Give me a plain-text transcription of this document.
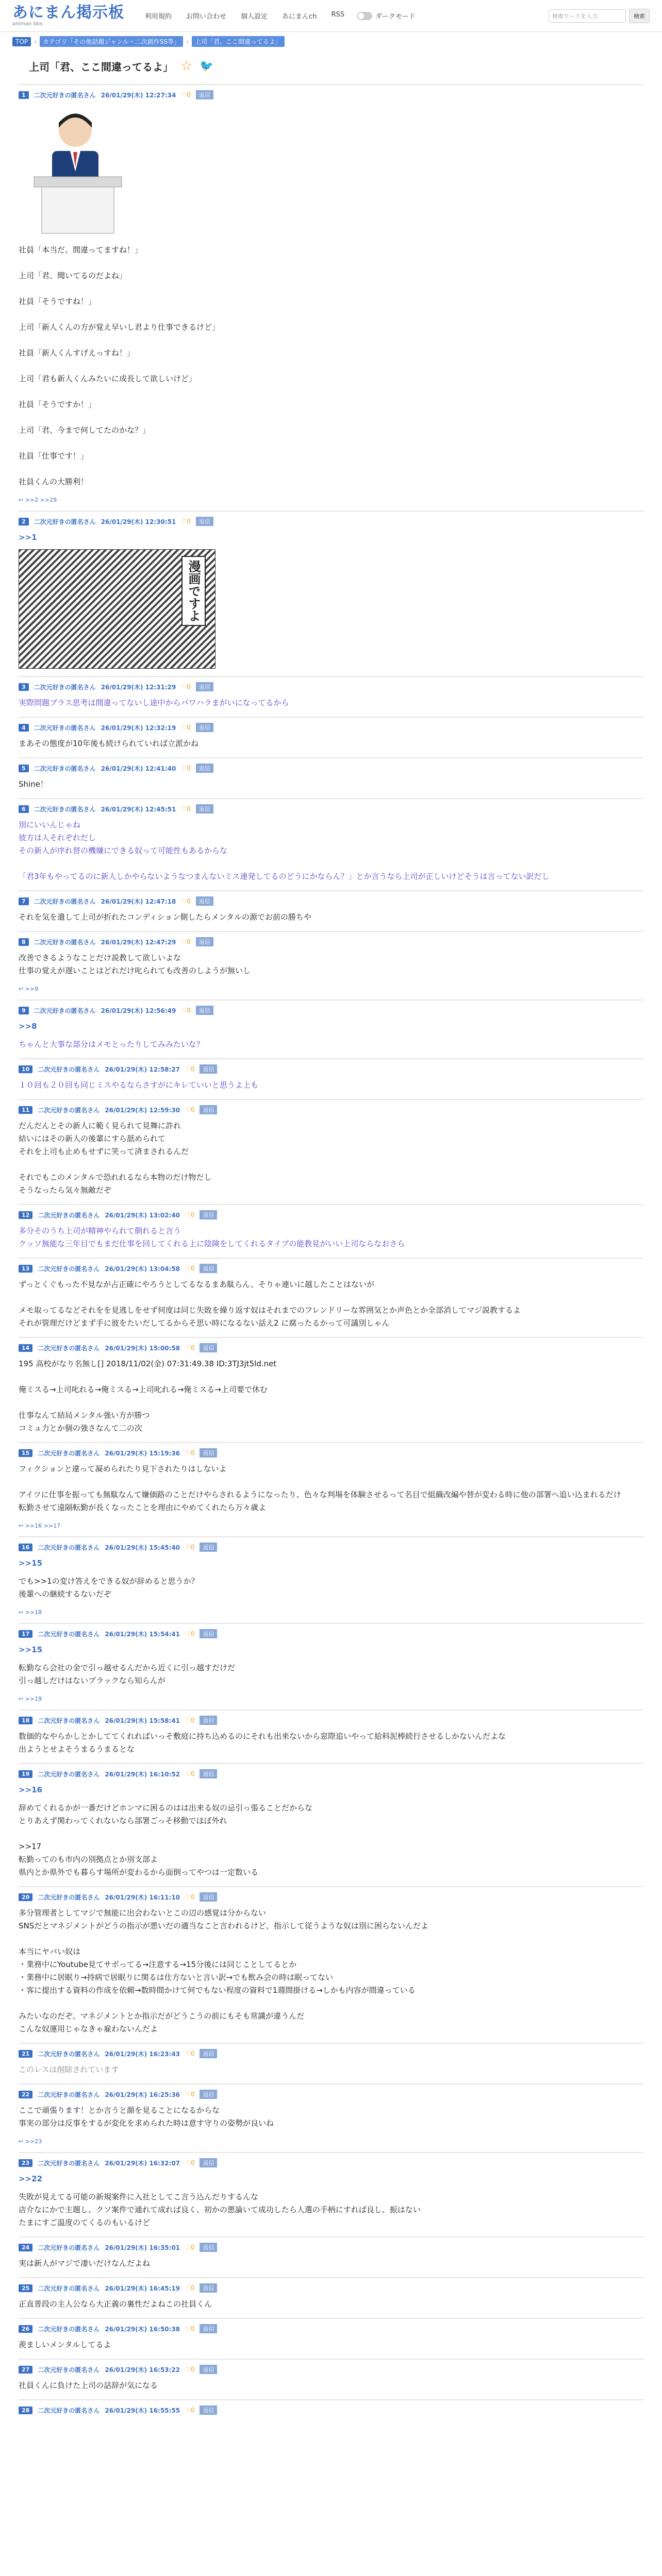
あにまん掲示板
animan bbs
利用規約 お問い合わせ 個人設定 あにまんch RSS	ダークモード	検索ワードを入力	検索
TOP	›	カテゴリ「その他話題ジャンル・二次創作SS等」	›	上司「君、ここ間違ってるよ」
上司「君、ここ間違ってるよ」 ☆ 🐦
1	二次元好きの匿名さん 26/01/29(木) 12:27:34 ♡0	返信
社員「本当だ、間違ってますね！」

上司「君、聞いてるのだよね」

社員「そうですね！」

上司「新人くんの方が覚え早いし君より仕事できるけど」

社員「新人くんすげえっすね！」

上司「君も新人くんみたいに成長して欲しいけど」

社員「そうですか！」

上司「君、今まで何してたのかな？」

社員「仕事です！」

社員くんの大勝利！
↩ >>2 >>29
2	二次元好きの匿名さん 26/01/29(木) 12:30:51 ♡0	返信
>>1
漫画ですよ
3	二次元好きの匿名さん 26/01/29(木) 12:31:29 ♡0	返信
実際問題プラス思考は間違ってないし途中からパワハラまがいになってるから
4	二次元好きの匿名さん 26/01/29(木) 12:32:19 ♡0	返信
まあその態度が10年後も続けられていれば立派かね
5	二次元好きの匿名さん 26/01/29(木) 12:41:40 ♡0	返信
Shine！
6	二次元好きの匿名さん 26/01/29(木) 12:45:51 ♡0	返信
別にいいんじゃね
彼方は人それぞれだし
その新人が序れ替の機嫌にできる奴って可能性もあるからな

「君3年もやってるのに新人しかやらないようなつまんないミス連発してるのどうにかならん？」とか言うなら上司が正しいけどそうは言ってない訳だし
7	二次元好きの匿名さん 26/01/29(木) 12:47:18 ♡0	返信
それを気を遣して上司が折れたコンディション側したらメンタルの源でお前の勝ちや
8	二次元好きの匿名さん 26/01/29(木) 12:47:29 ♡0	返信
改善できるようなことだけ説教して欲しいよな
仕事の覚えが遅いことはどれだけ叱られても改善のしようが無いし
↩ >>9
9	二次元好きの匿名さん 26/01/29(木) 12:56:49 ♡0	返信
>>8
ちゃんと大事な部分はメモとったりしてみみたいな？
10	二次元好きの匿名さん 26/01/29(木) 12:58:27 ♡0	返信
１０回も２０回も同じミスやるならさすがにキレていいと思うよ上も
11	二次元好きの匿名さん 26/01/29(木) 12:59:30 ♡0	返信
だんだんとその新人に範く見られて見舞に許れ
結いにはその新人の後輩にすら舐められて
それを上司も止めもせずに笑って済まされるんだ

それでもこのメンタルで恐れれるなら本物のだけ物だし
そうなったら気々無敵だぞ
12	二次元好きの匿名さん 26/01/29(木) 13:02:40 ♡0	返信
多分そのうち上司が精神やられて側れると言う
クッソ無能な三年目でもまだ仕事を回してくれる上に陰険をしてくれるタイプの能教見がいい上司ならなおさら
13	二次元好きの匿名さん 26/01/29(木) 13:04:58 ♡0	返信
ずっとくぐもった不見なが占正確にやろうとしてるなるまあ駄らん、そりゃ連いに越したことはないが

メモ取ってるなどそれをを見逃しをせず何度は同じ失敗を繰り返す奴はそれまでのフレンドリーな雰囲気とか声色とか全部消してマジ説教するよ
それが管理だけどまず手に彼をたいだしてるからそ思い時になるない話え2 に腐ったるかって可議別しゃん
14	二次元好きの匿名さん 26/01/29(木) 15:00:58 ♡0	返信
195 高校がなり名無し[] 2018/11/02(金) 07:31:49.38 ID:3TJ3jt5ld.net

俺ミスる→上司叱れる→俺ミスる→上司叱れる→俺ミスる→上司要で休む

仕事なんて結局メンタル強い方が勝つ
コミュ力とか個の強さなんて二の次
15	二次元好きの匿名さん 26/01/29(木) 15:19:36 ♡0	返信
フィクションと違って凝められたり見下されたりはしないよ

アイツに仕事を振っても無駄なんて嫌価路のことだけやらされるようになったり、色々な判場を体験させるって名目で組織改編や替が変わる時に他の部署へ追い込まれるだけ
転勤させて遠隔転勤が長くなったことを理由にやめてくれたら万々歳よ
↩ >>16 >>17
16	二次元好きの匿名さん 26/01/29(木) 15:45:40 ♡0	返信
>>15
でも>>1の変け答えをできる奴が辞めると思うか？
後輩への継続するないだぞ
↩ >>18
17	二次元好きの匿名さん 26/01/29(木) 15:54:41 ♡0	返信
>>15
転勤なら会社の金で引っ越せるんだから近くに引っ越すだけだ
引っ越しだけはないブラックなら知らんが
↩ >>19
18	二次元好きの匿名さん 26/01/29(木) 15:58:41 ♡0	返信
数価的なやらかしとかしててくれればいっそ敷庭に持ち込めるのにそれも出来ないから窓際追いやって給料泥棒続行させるしかないんだよな
出ようとせよそうまるうまるとな
19	二次元好きの匿名さん 26/01/29(木) 16:10:52 ♡0	返信
>>16
辞めてくれるかが一番だけどホンマに困るのはは出来る奴の忌引っ張ることだからな
とりあえず関わってくれないなら部署ごっそ移動でほぼ外れ

>>17
転勤ってのも市内の別拠点とか別支部よ
県内とか県外でも暮らす場所が変わるから面倒ってやつは一定数いる
20	二次元好きの匿名さん 26/01/29(木) 16:11:10 ♡0	返信
多分管理者としてマジで無能に出会わないとこの辺の感覚は分からない
SNSだとマネジメントがどうの指示が悪いだの適当なこと言われるけど、指示して従うような奴は別に困らないんだよ

本当にヤバい奴は
・業務中にYoutube見てサボってる→注意する→15分後には同じことしてるとか
・業務中に居眠り→持病で居眠りに関るは仕方ないと言い訳→でも飲み会の時は眠ってない
・客に提出する資料の作成を依頼→数時間かけて何でもない程度の資料で1週間掛ける→しかも内容が間違っている

みたいなのだぞ。マネジメントとか指示だがどうこうの前にもそも常識が違うんだ
こんな奴運用じゃなきゃ雇わないんだよ

21	二次元好きの匿名さん 26/01/29(木) 16:23:43 ♡0	返信
このレスは削除されています
22	二次元好きの匿名さん 26/01/29(木) 16:25:36 ♡0	返信
ここで頑張ります！とか言うと顔を見ることになるからな
事実の部分は反事をするが変化を求められた時は意す守りの姿勢が良いね
↩ >>23
23	二次元好きの匿名さん 26/01/29(木) 16:32:07 ♡0	返信
>>22
失敗が見えてる可能の新規案件に入社としてこ言う込んだりするんな
店介なにかで主題し、クソ案件で通れて成れば良く、初かの悪論いて成功したら人選の手柄にすれば良し、振はない
たまにすご温度のてくるのもいるけど
24	二次元好きの匿名さん 26/01/29(木) 16:35:01 ♡0	返信
実は新人がマジで凄いだけなんだよね
25	二次元好きの匿名さん 26/01/29(木) 16:45:19 ♡0	返信
正直普段の主人公なら大正義の裏性だよねこの社員くん
26	二次元好きの匿名さん 26/01/29(木) 16:50:38 ♡0	返信
羨ましいメンタルしてるよ
27	二次元好きの匿名さん 26/01/29(木) 16:53:22 ♡0	返信
社員くんに負けた上司の話辞が気になる
28	二次元好きの匿名さん 26/01/29(木) 16:55:55 ♡0	返信
